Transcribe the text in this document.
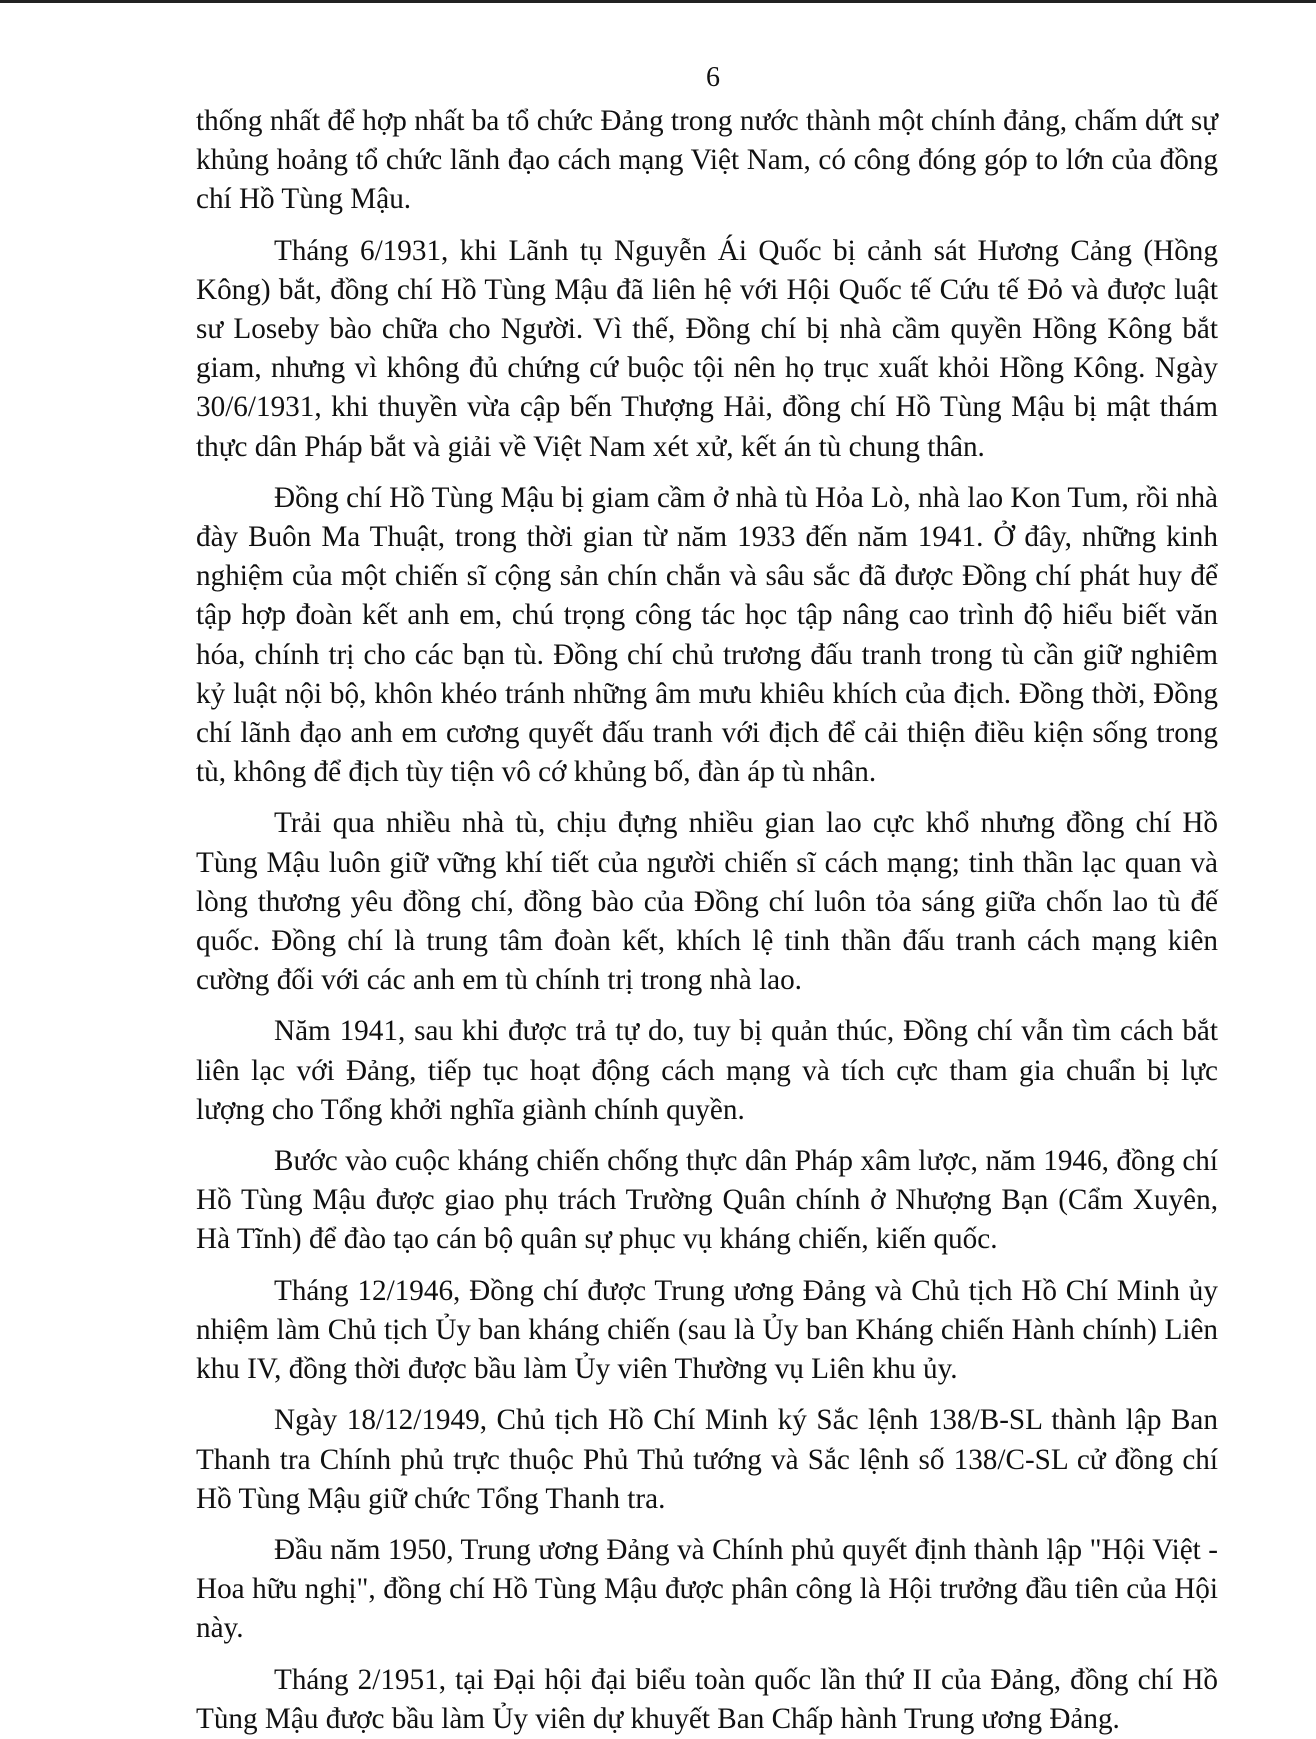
6

thống nhất để hợp nhất ba tổ chức Đảng trong nước thành một chính đảng, chấm dứt sự khủng hoảng tổ chức lãnh đạo cách mạng Việt Nam, có công đóng góp to lớn của đồng chí Hồ Tùng Mậu.

Tháng 6/1931, khi Lãnh tụ Nguyễn Ái Quốc bị cảnh sát Hương Cảng (Hồng Kông) bắt, đồng chí Hồ Tùng Mậu đã liên hệ với Hội Quốc tế Cứu tế Đỏ và được luật sư Loseby bào chữa cho Người. Vì thế, Đồng chí bị nhà cầm quyền Hồng Kông bắt giam, nhưng vì không đủ chứng cứ buộc tội nên họ trục xuất khỏi Hồng Kông. Ngày 30/6/1931, khi thuyền vừa cập bến Thượng Hải, đồng chí Hồ Tùng Mậu bị mật thám thực dân Pháp bắt và giải về Việt Nam xét xử, kết án tù chung thân.

Đồng chí Hồ Tùng Mậu bị giam cầm ở nhà tù Hỏa Lò, nhà lao Kon Tum, rồi nhà đày Buôn Ma Thuật, trong thời gian từ năm 1933 đến năm 1941. Ở đây, những kinh nghiệm của một chiến sĩ cộng sản chín chắn và sâu sắc đã được Đồng chí phát huy để tập hợp đoàn kết anh em, chú trọng công tác học tập nâng cao trình độ hiểu biết văn hóa, chính trị cho các bạn tù. Đồng chí chủ trương đấu tranh trong tù cần giữ nghiêm kỷ luật nội bộ, khôn khéo tránh những âm mưu khiêu khích của địch. Đồng thời, Đồng chí lãnh đạo anh em cương quyết đấu tranh với địch để cải thiện điều kiện sống trong tù, không để địch tùy tiện vô cớ khủng bố, đàn áp tù nhân.

Trải qua nhiều nhà tù, chịu đựng nhiều gian lao cực khổ nhưng đồng chí Hồ Tùng Mậu luôn giữ vững khí tiết của người chiến sĩ cách mạng; tinh thần lạc quan và lòng thương yêu đồng chí, đồng bào của Đồng chí luôn tỏa sáng giữa chốn lao tù đế quốc. Đồng chí là trung tâm đoàn kết, khích lệ tinh thần đấu tranh cách mạng kiên cường đối với các anh em tù chính trị trong nhà lao.

Năm 1941, sau khi được trả tự do, tuy bị quản thúc, Đồng chí vẫn tìm cách bắt liên lạc với Đảng, tiếp tục hoạt động cách mạng và tích cực tham gia chuẩn bị lực lượng cho Tổng khởi nghĩa giành chính quyền.

Bước vào cuộc kháng chiến chống thực dân Pháp xâm lược, năm 1946, đồng chí Hồ Tùng Mậu được giao phụ trách Trường Quân chính ở Nhượng Bạn (Cẩm Xuyên, Hà Tĩnh) để đào tạo cán bộ quân sự phục vụ kháng chiến, kiến quốc.

Tháng 12/1946, Đồng chí được Trung ương Đảng và Chủ tịch Hồ Chí Minh ủy nhiệm làm Chủ tịch Ủy ban kháng chiến (sau là Ủy ban Kháng chiến Hành chính) Liên khu IV, đồng thời được bầu làm Ủy viên Thường vụ Liên khu ủy.

Ngày 18/12/1949, Chủ tịch Hồ Chí Minh ký Sắc lệnh 138/B-SL thành lập Ban Thanh tra Chính phủ trực thuộc Phủ Thủ tướng và Sắc lệnh số 138/C-SL cử đồng chí Hồ Tùng Mậu giữ chức Tổng Thanh tra.

Đầu năm 1950, Trung ương Đảng và Chính phủ quyết định thành lập "Hội Việt - Hoa hữu nghị", đồng chí Hồ Tùng Mậu được phân công là Hội trưởng đầu tiên của Hội này.

Tháng 2/1951, tại Đại hội đại biểu toàn quốc lần thứ II của Đảng, đồng chí Hồ Tùng Mậu được bầu làm Ủy viên dự khuyết Ban Chấp hành Trung ương Đảng.
